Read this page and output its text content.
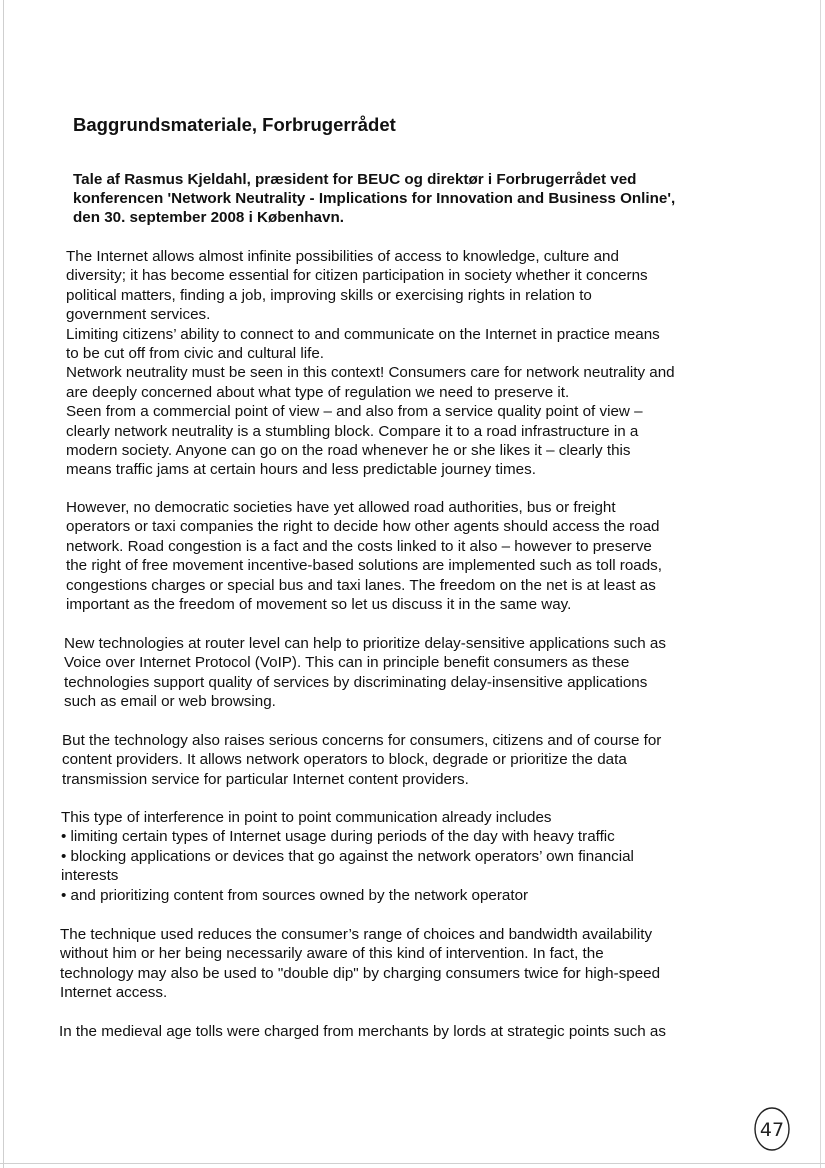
Baggrundsmateriale, Forbrugerrådet

Tale af Rasmus Kjeldahl, præsident for BEUC og direktør i Forbrugerrådet ved
konferencen 'Network Neutrality - Implications for Innovation and Business Online',
den 30. september 2008 i København.

The Internet allows almost infinite possibilities of access to knowledge, culture and
diversity; it has become essential for citizen participation in society whether it concerns
political matters, finding a job, improving skills or exercising rights in relation to
government services.
Limiting citizens’ ability to connect to and communicate on the Internet in practice means
to be cut off from civic and cultural life.
Network neutrality must be seen in this context! Consumers care for network neutrality and
are deeply concerned about what type of regulation we need to preserve it.
Seen from a commercial point of view – and also from a service quality point of view –
clearly network neutrality is a stumbling block. Compare it to a road infrastructure in a
modern society. Anyone can go on the road whenever he or she likes it – clearly this
means traffic jams at certain hours and less predictable journey times.

However, no democratic societies have yet allowed road authorities, bus or freight
operators or taxi companies the right to decide how other agents should access the road
network. Road congestion is a fact and the costs linked to it also – however to preserve
the right of free movement incentive-based solutions are implemented such as toll roads,
congestions charges or special bus and taxi lanes. The freedom on the net is at least as
important as the freedom of movement so let us discuss it in the same way.

New technologies at router level can help to prioritize delay-sensitive applications such as
Voice over Internet Protocol (VoIP). This can in principle benefit consumers as these
technologies support quality of services by discriminating delay-insensitive applications
such as email or web browsing.

But the technology also raises serious concerns for consumers, citizens and of course for
content providers. It allows network operators to block, degrade or prioritize the data
transmission service for particular Internet content providers.

This type of interference in point to point communication already includes
• limiting certain types of Internet usage during periods of the day with heavy traffic
• blocking applications or devices that go against the network operators’ own financial
interests
• and prioritizing content from sources owned by the network operator

The technique used reduces the consumer’s range of choices and bandwidth availability
without him or her being necessarily aware of this kind of intervention. In fact, the
technology may also be used to "double dip" by charging consumers twice for high-speed
Internet access.

In the medieval age tolls were charged from merchants by lords at strategic points such as

47
